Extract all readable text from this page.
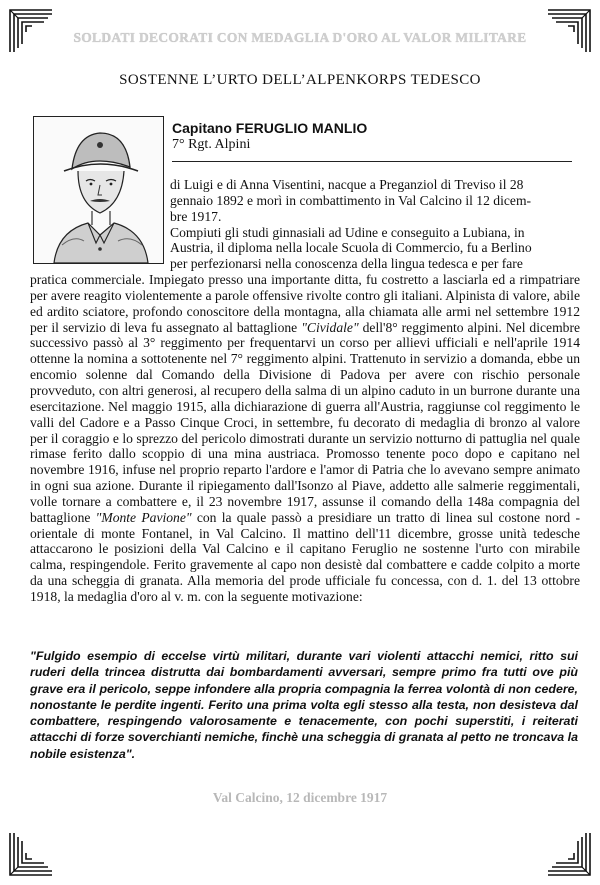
SOLDATI DECORATI CON MEDAGLIA D'ORO AL VALOR MILITARE
SOSTENNE L’URTO DELL’ALPENKORPS TEDESCO
Capitano FERUGLIO MANLIO
7° Rgt. Alpini
di Luigi e di Anna Visentini, nacque a Preganziol di Treviso il 28
gennaio 1892 e morì in combattimento in Val Calcino il 12 dicem-
bre 1917.
Compiuti gli studi ginnasiali ad Udine e conseguito a Lubiana, in
Austria, il diploma nella locale Scuola di Commercio, fu a Berlino
per perfezionarsi nella conoscenza della lingua tedesca e per fare

pratica commerciale. Impiegato presso una importante ditta, fu costretto a lasciarla ed a rimpatriare per avere reagito violentemente a parole offensive rivolte contro gli italiani. Alpinista di valore, abile ed ardito sciatore, profondo conoscitore della montagna, alla chiamata alle armi nel settembre 1912 per il servizio di leva fu assegnato al battaglione "Cividale" dell'8° reggimento alpini. Nel dicembre successivo passò al 3° reggimento per frequentarvi un corso per allievi ufficiali e nell'aprile 1914 ottenne la nomina a sottotenente nel 7° reggimento alpini. Trattenuto in servizio a domanda, ebbe un encomio solenne dal Comando della Divisione di Padova per avere con rischio personale provveduto, con altri generosi, al recupero della salma di un alpino caduto in un burrone durante una esercitazione. Nel maggio 1915, alla dichiarazione di guerra all'Austria, raggiunse col reggimento le valli del Cadore e a Passo Cinque Croci, in settembre, fu decorato di medaglia di bronzo al valore per il coraggio e lo sprezzo del pericolo dimostrati durante un servizio notturno di pattuglia nel quale rimase ferito dallo scoppio di una mina austriaca. Promosso tenente poco dopo e capitano nel novembre 1916, infuse nel proprio reparto l'ardore e l'amor di Patria che lo avevano sempre animato in ogni sua azione. Durante il ripiegamento dall'Isonzo al Piave, addetto alle salmerie reggimentali, volle tornare a combattere e, il 23 novembre 1917, assunse il comando della 148a compagnia del battaglione "Monte Pavione" con la quale passò a presidiare un tratto di linea sul costone nord - orientale di monte Fontanel, in Val Calcino. Il mattino dell'11 dicembre, grosse unità tedesche attaccarono le posizioni della Val Calcino e il capitano Feruglio ne sostenne l'urto con mirabile calma, respingendole. Ferito gravemente al capo non desistè dal combattere e cadde colpito a morte da una scheggia di granata. Alla memoria del prode ufficiale fu concessa, con d. 1. del 13 ottobre 1918, la medaglia d'oro al v. m. con la seguente motivazione:

"Fulgido esempio di eccelse virtù militari, durante vari violenti attacchi nemici, ritto sui ruderi della trincea distrutta dai bombardamenti avversari, sempre primo fra tutti ove più grave era il pericolo, seppe infondere alla propria compagnia la ferrea volontà di non cedere, nonostante le perdite ingenti. Ferito una prima volta egli stesso alla testa, non desisteva dal combattere, respingendo valorosamente e tenacemente, con pochi superstiti, i reiterati attacchi di forze soverchianti nemiche, finchè una scheggia di granata al petto ne troncava la nobile esistenza".
Val Calcino, 12 dicembre 1917
